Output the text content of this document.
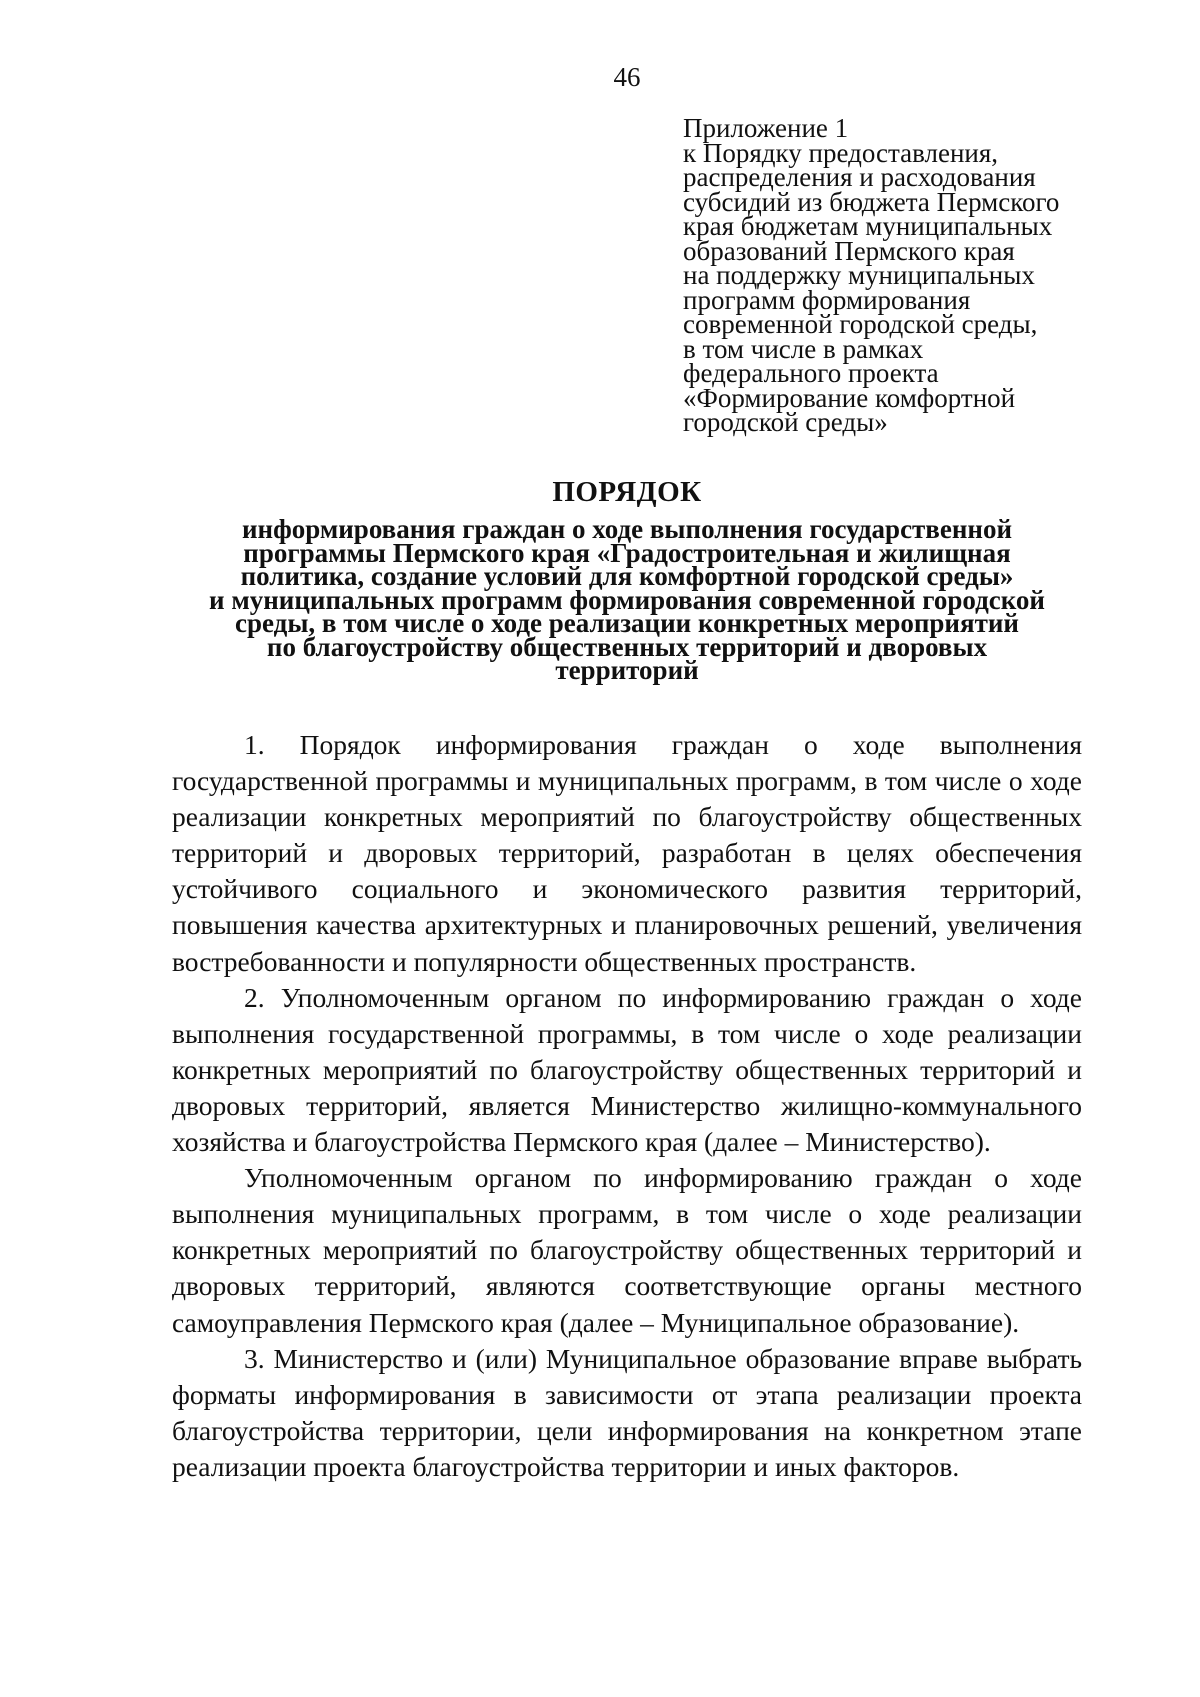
46
Приложение 1
к Порядку предоставления,
распределения и расходования
субсидий из бюджета Пермского
края бюджетам муниципальных
образований Пермского края
на поддержку муниципальных
программ формирования
современной городской среды,
в том числе в рамках
федерального проекта
«Формирование комфортной
городской среды»
ПОРЯДОК
информирования граждан о ходе выполнения государственной
программы Пермского края «Градостроительная и жилищная
политика, создание условий для комфортной городской среды»
и муниципальных программ формирования современной городской
среды, в том числе о ходе реализации конкретных мероприятий
по благоустройству общественных территорий и дворовых
территорий

1. Порядок информирования граждан о ходе выполнения государственной программы и муниципальных программ, в том числе о ходе реализации конкретных мероприятий по благоустройству общественных территорий и дворовых территорий, разработан в целях обеспечения устойчивого социального и экономического развития территорий, повышения качества архитектурных и планировочных решений, увеличения востребованности и популярности общественных пространств.

2. Уполномоченным органом по информированию граждан о ходе выполнения государственной программы, в том числе о ходе реализации конкретных мероприятий по благоустройству общественных территорий и дворовых территорий, является Министерство жилищно-коммунального хозяйства и благоустройства Пермского края (далее – Министерство).

Уполномоченным органом по информированию граждан о ходе выполнения муниципальных программ, в том числе о ходе реализации конкретных мероприятий по благоустройству общественных территорий и дворовых территорий, являются соответствующие органы местного самоуправления Пермского края (далее – Муниципальное образование).

3. Министерство и (или) Муниципальное образование вправе выбрать форматы информирования в зависимости от этапа реализации проекта благоустройства территории, цели информирования на конкретном этапе реализации проекта благоустройства территории и иных факторов.
